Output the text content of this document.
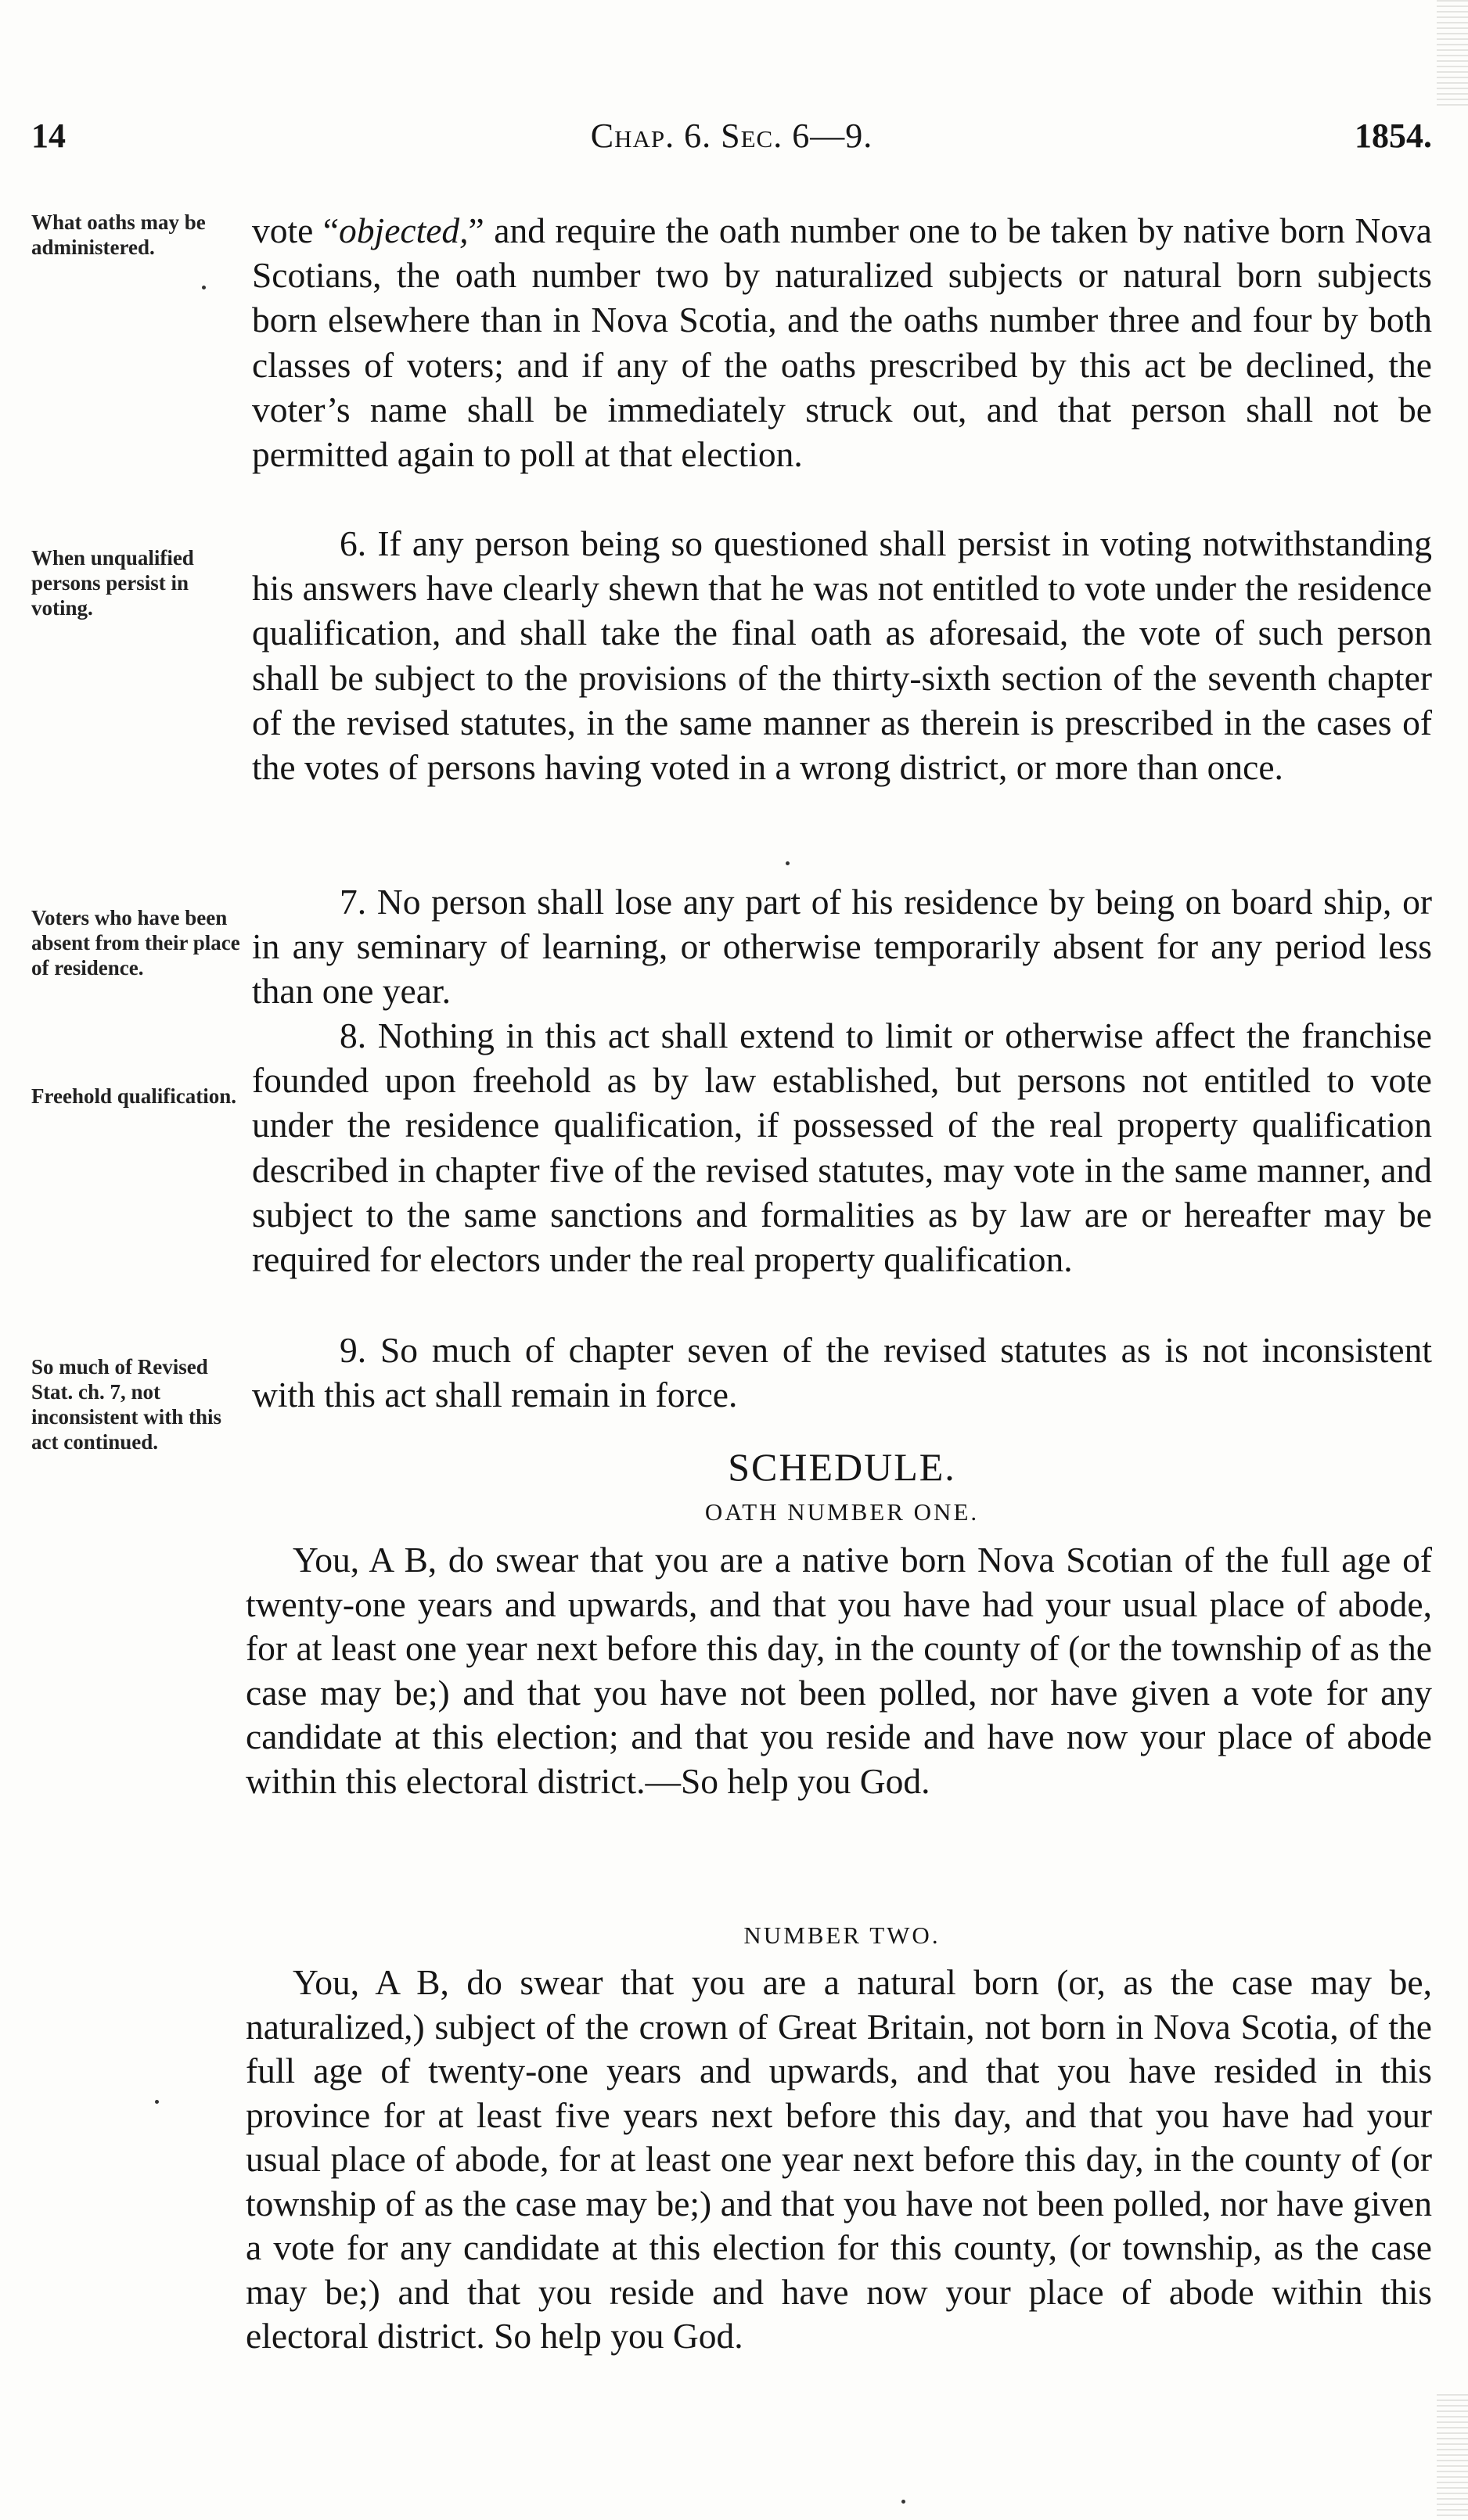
14	Chap. 6. Sec. 6—9.	1854.
What oaths may be administered.
When unqualified persons persist in voting.
Voters who have been absent from their place of residence.
Freehold qualification.
So much of Revised Stat. ch. 7, not inconsistent with this act continued.

vote “objected,” and require the oath number one to be taken by native born Nova Scotians, the oath number two by naturalized subjects or natural born subjects born elsewhere than in Nova Scotia, and the oaths number three and four by both classes of voters; and if any of the oaths prescribed by this act be declined, the voter’s name shall be immediately struck out, and that person shall not be permitted again to poll at that election.

6. If any person being so questioned shall persist in voting notwithstanding his answers have clearly shewn that he was not entitled to vote under the residence qualification, and shall take the final oath as aforesaid, the vote of such person shall be subject to the provisions of the thirty-sixth section of the seventh chapter of the revised statutes, in the same manner as therein is prescribed in the cases of the votes of persons having voted in a wrong district, or more than once.

7. No person shall lose any part of his residence by being on board ship, or in any seminary of learning, or otherwise temporarily absent for any period less than one year.

8. Nothing in this act shall extend to limit or otherwise affect the franchise founded upon freehold as by law established, but persons not entitled to vote under the residence qualification, if possessed of the real property qualification described in chapter five of the revised statutes, may vote in the same manner, and subject to the same sanctions and formalities as by law are or hereafter may be required for electors under the real property qualification.

9. So much of chapter seven of the revised statutes as is not inconsistent with this act shall remain in force.

SCHEDULE.
OATH NUMBER ONE.

You, A B, do swear that you are a native born Nova Scotian of the full age of twenty-one years and upwards, and that you have had your usual place of abode, for at least one year next before this day, in the county of (or the township of as the case may be;) and that you have not been polled, nor have given a vote for any candidate at this election; and that you reside and have now your place of abode within this electoral district.—So help you God.

NUMBER TWO.

You, A B, do swear that you are a natural born (or, as the case may be, naturalized,) subject of the crown of Great Britain, not born in Nova Scotia, of the full age of twenty-one years and upwards, and that you have resided in this province for at least five years next before this day, and that you have had your usual place of abode, for at least one year next before this day, in the county of (or township of as the case may be;) and that you have not been polled, nor have given a vote for any candidate at this election for this county, (or township, as the case may be;) and that you reside and have now your place of abode within this electoral district. So help you God.
